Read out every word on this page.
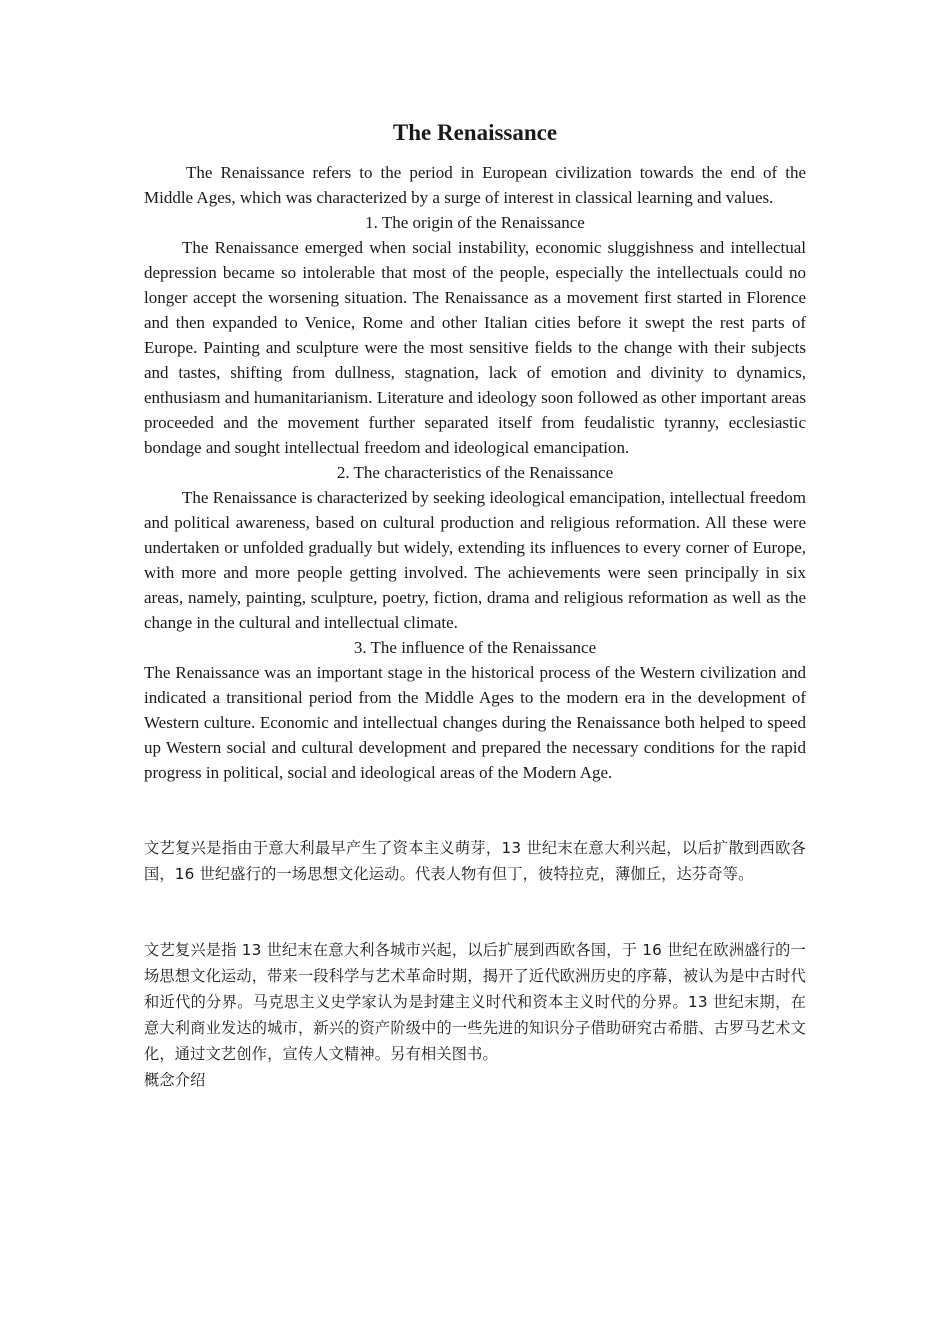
The Renaissance

The Renaissance refers to the period in European civilization towards the end of the Middle Ages, which was characterized by a surge of interest in classical learning and values.

1. The origin of the Renaissance

The Renaissance emerged when social instability, economic sluggishness and intellectual depression became so intolerable that most of the people, especially the intellectuals could no longer accept the worsening situation. The Renaissance as a movement first started in Florence and then expanded to Venice, Rome and other Italian cities before it swept the rest parts of Europe. Painting and sculpture were the most sensitive fields to the change with their subjects and tastes, shifting from dullness, stagnation, lack of emotion and divinity to dynamics, enthusiasm and humanitarianism. Literature and ideology soon followed as other important areas proceeded and the movement further separated itself from feudalistic tyranny, ecclesiastic bondage and sought intellectual freedom and ideological emancipation.

2. The characteristics of the Renaissance

The Renaissance is characterized by seeking ideological emancipation, intellectual freedom and political awareness, based on cultural production and religious reformation. All these were undertaken or unfolded gradually but widely, extending its influences to every corner of Europe, with more and more people getting involved. The achievements were seen principally in six areas, namely, painting, sculpture, poetry, fiction, drama and religious reformation as well as the change in the cultural and intellectual climate.

3. The influence of the Renaissance

The Renaissance was an important stage in the historical process of the Western civilization and indicated a transitional period from the Middle Ages to the modern era in the development of Western culture. Economic and intellectual changes during the Renaissance both helped to speed up Western social and cultural development and prepared the necessary conditions for the rapid progress in political, social and ideological areas of the Modern Age.

文艺复兴是指由于意大利最早产生了资本主义萌芽，13 世纪末在意大利兴起，以后扩散到西欧各国，16 世纪盛行的一场思想文化运动。代表人物有但丁，彼特拉克，薄伽丘，达芬奇等。

文艺复兴是指 13 世纪末在意大利各城市兴起，以后扩展到西欧各国，于 16 世纪在欧洲盛行的一场思想文化运动，带来一段科学与艺术革命时期，揭开了近代欧洲历史的序幕，被认为是中古时代和近代的分界。马克思主义史学家认为是封建主义时代和资本主义时代的分界。13 世纪末期，在意大利商业发达的城市，新兴的资产阶级中的一些先进的知识分子借助研究古希腊、古罗马艺术文化，通过文艺创作，宣传人文精神。另有相关图书。

概念介绍
